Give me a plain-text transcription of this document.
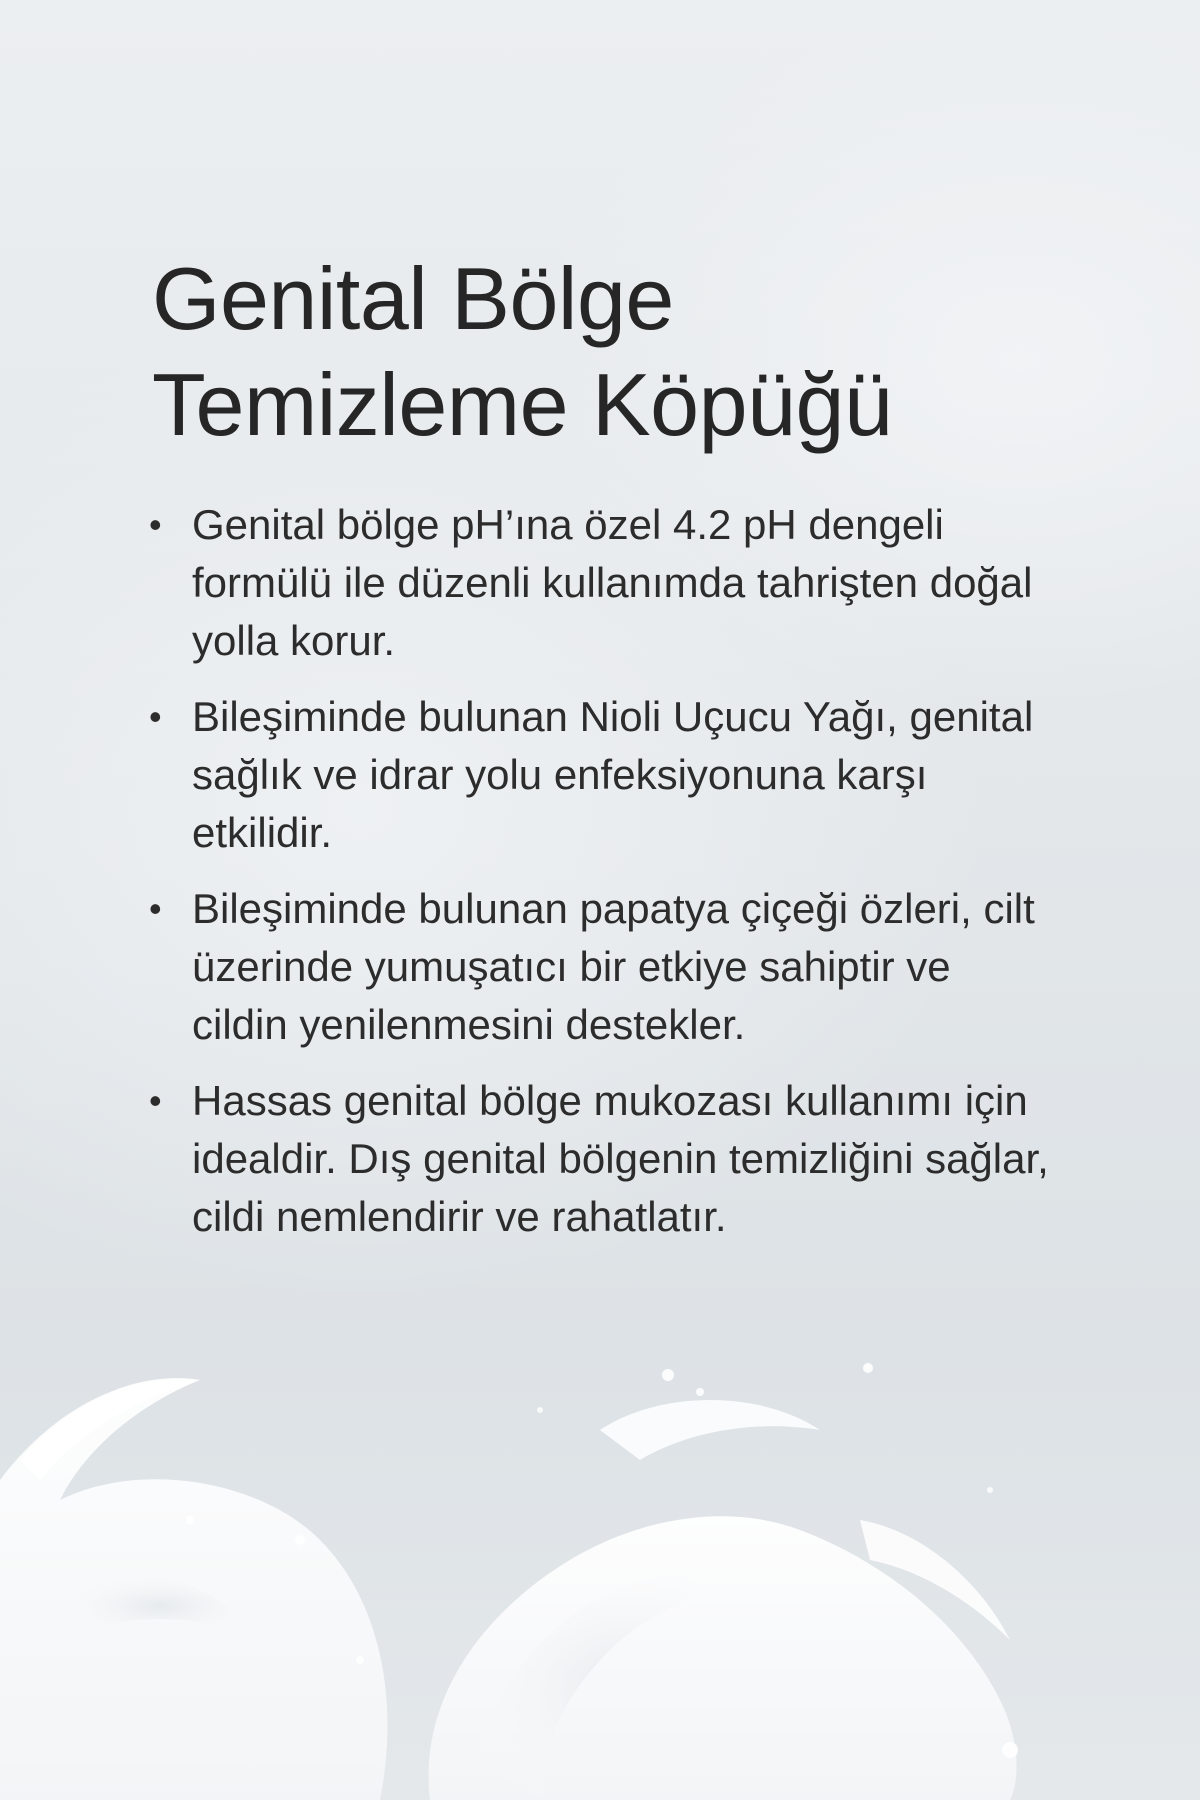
Genital Bölge
Temizleme Köpüğü
• Genital bölge pH’ına özel 4.2 pH dengeli formülü ile düzenli kullanımda tahrişten doğal yolla korur.
• Bileşiminde bulunan Nioli Uçucu Yağı, genital sağlık ve idrar yolu enfeksiyonuna karşı etkilidir.
• Bileşiminde bulunan papatya çiçeği özleri, cilt üzerinde yumuşatıcı bir etkiye sahiptir ve cildin yenilenmesini destekler.
• Hassas genital bölge mukozası kullanımı için idealdir. Dış genital bölgenin temizliğini sağlar, cildi nemlendirir ve rahatlatır.
